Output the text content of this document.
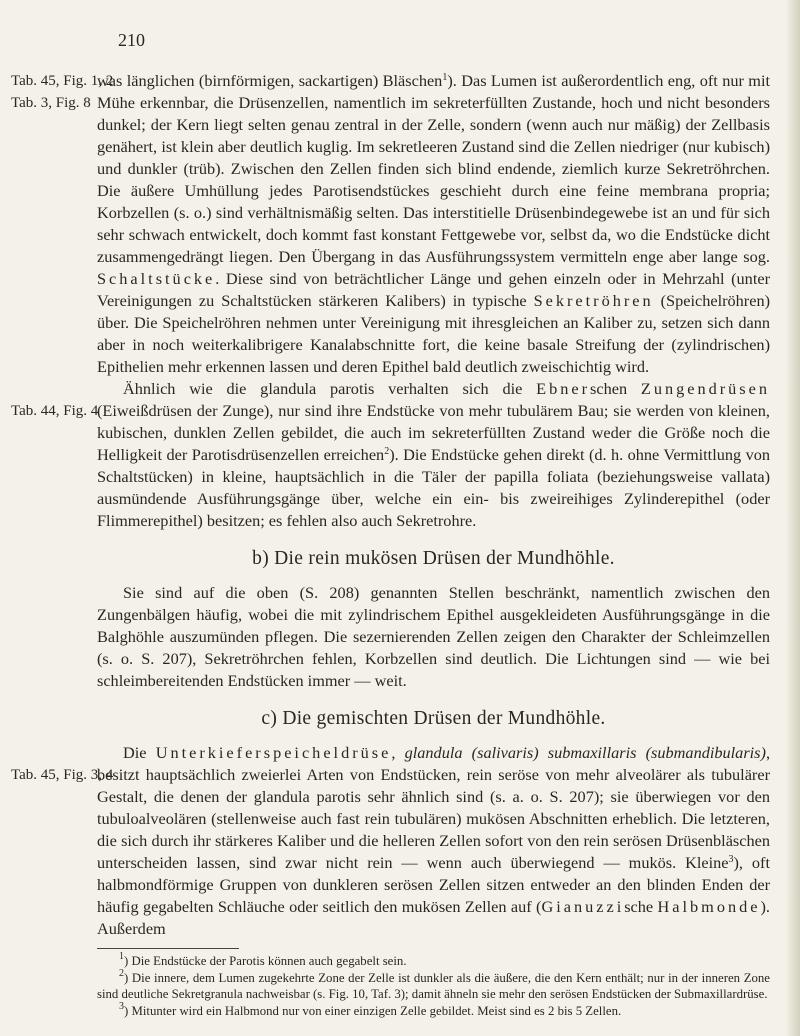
210

Tab. 45, Fig. 1, 2
Tab. 3, Fig. 8
was länglichen (birnförmigen, sackartigen) Bläschen$^1$). Das Lumen ist außerordentlich eng, oft nur mit Mühe erkennbar, die Drüsenzellen, namentlich im sekreterfüllten Zustande, hoch und nicht besonders dunkel; der Kern liegt selten genau zentral in der Zelle, sondern (wenn auch nur mäßig) der Zellbasis genähert, ist klein aber deutlich kuglig. Im sekretleeren Zustand sind die Zellen niedriger (nur kubisch) und dunkler (trüb). Zwischen den Zellen finden sich blind endende, ziemlich kurze Sekretröhrchen. Die äußere Umhüllung jedes Parotisendstückes geschieht durch eine feine membrana propria; Korbzellen (s. o.) sind verhältnismäßig selten. Das interstitielle Drüsenbindegewebe ist an und für sich sehr schwach entwickelt, doch kommt fast konstant Fettgewebe vor, selbst da, wo die Endstücke dicht zusammengedrängt liegen. Den Übergang in das Ausführungssystem vermitteln enge aber lange sog. Schaltstücke. Diese sind von beträchtlicher Länge und gehen einzeln oder in Mehrzahl (unter Vereinigungen zu Schaltstücken stärkeren Kalibers) in typische Sekretröhren (Speichelröhren) über. Die Speichelröhren nehmen unter Vereinigung mit ihresgleichen an Kaliber zu, setzen sich dann aber in noch weiterkalibrigere Kanalabschnitte fort, die keine basale Streifung der (zylindrischen) Epithelien mehr erkennen lassen und deren Epithel bald deutlich zweischichtig wird.

Tab. 44, Fig. 4
Ähnlich wie die glandula parotis verhalten sich die Ebnerschen Zungendrüsen (Eiweißdrüsen der Zunge), nur sind ihre Endstücke von mehr tubulärem Bau; sie werden von kleinen, kubischen, dunklen Zellen gebildet, die auch im sekreterfüllten Zustand weder die Größe noch die Helligkeit der Parotisdrüsenzellen erreichen$^2$). Die Endstücke gehen direkt (d. h. ohne Vermittlung von Schaltstücken) in kleine, hauptsächlich in die Täler der papilla foliata (beziehungsweise vallata) ausmündende Ausführungsgänge über, welche ein ein- bis zweireihiges Zylinderepithel (oder Flimmerepithel) besitzen; es fehlen also auch Sekretrohre.

b) Die rein mukösen Drüsen der Mundhöhle.

Sie sind auf die oben (S. 208) genannten Stellen beschränkt, namentlich zwischen den Zungenbälgen häufig, wobei die mit zylindrischem Epithel ausgekleideten Ausführungsgänge in die Balghöhle auszumünden pflegen. Die sezernierenden Zellen zeigen den Charakter der Schleimzellen (s. o. S. 207), Sekretröhrchen fehlen, Korbzellen sind deutlich. Die Lichtungen sind — wie bei schleimbereitenden Endstücken immer — weit.

c) Die gemischten Drüsen der Mundhöhle.

Tab. 45, Fig. 3, 4
Die Unterkieferspeicheldrüse, glandula (salivaris) submaxillaris (submandibularis), besitzt hauptsächlich zweierlei Arten von Endstücken, rein seröse von mehr alveolärer als tubulärer Gestalt, die denen der glandula parotis sehr ähnlich sind (s. a. o. S. 207); sie überwiegen vor den tubuloalveolären (stellenweise auch fast rein tubulären) mukösen Abschnitten erheblich. Die letzteren, die sich durch ihr stärkeres Kaliber und die helleren Zellen sofort von den rein serösen Drüsenbläschen unterscheiden lassen, sind zwar nicht rein — wenn auch überwiegend — mukös. Kleine$^3$), oft halbmondförmige Gruppen von dunkleren serösen Zellen sitzen entweder an den blinden Enden der häufig gegabelten Schläuche oder seitlich den mukösen Zellen auf (Gianuzzische Halbmonde). Außerdem

$^1$) Die Endstücke der Parotis können auch gegabelt sein.

$^2$) Die innere, dem Lumen zugekehrte Zone der Zelle ist dunkler als die äußere, die den Kern enthält; nur in der inneren Zone sind deutliche Sekretgranula nachweisbar (s. Fig. 10, Taf. 3); damit ähneln sie mehr den serösen Endstücken der Submaxillardrüse.

$^3$) Mitunter wird ein Halbmond nur von einer einzigen Zelle gebildet. Meist sind es 2 bis 5 Zellen.
